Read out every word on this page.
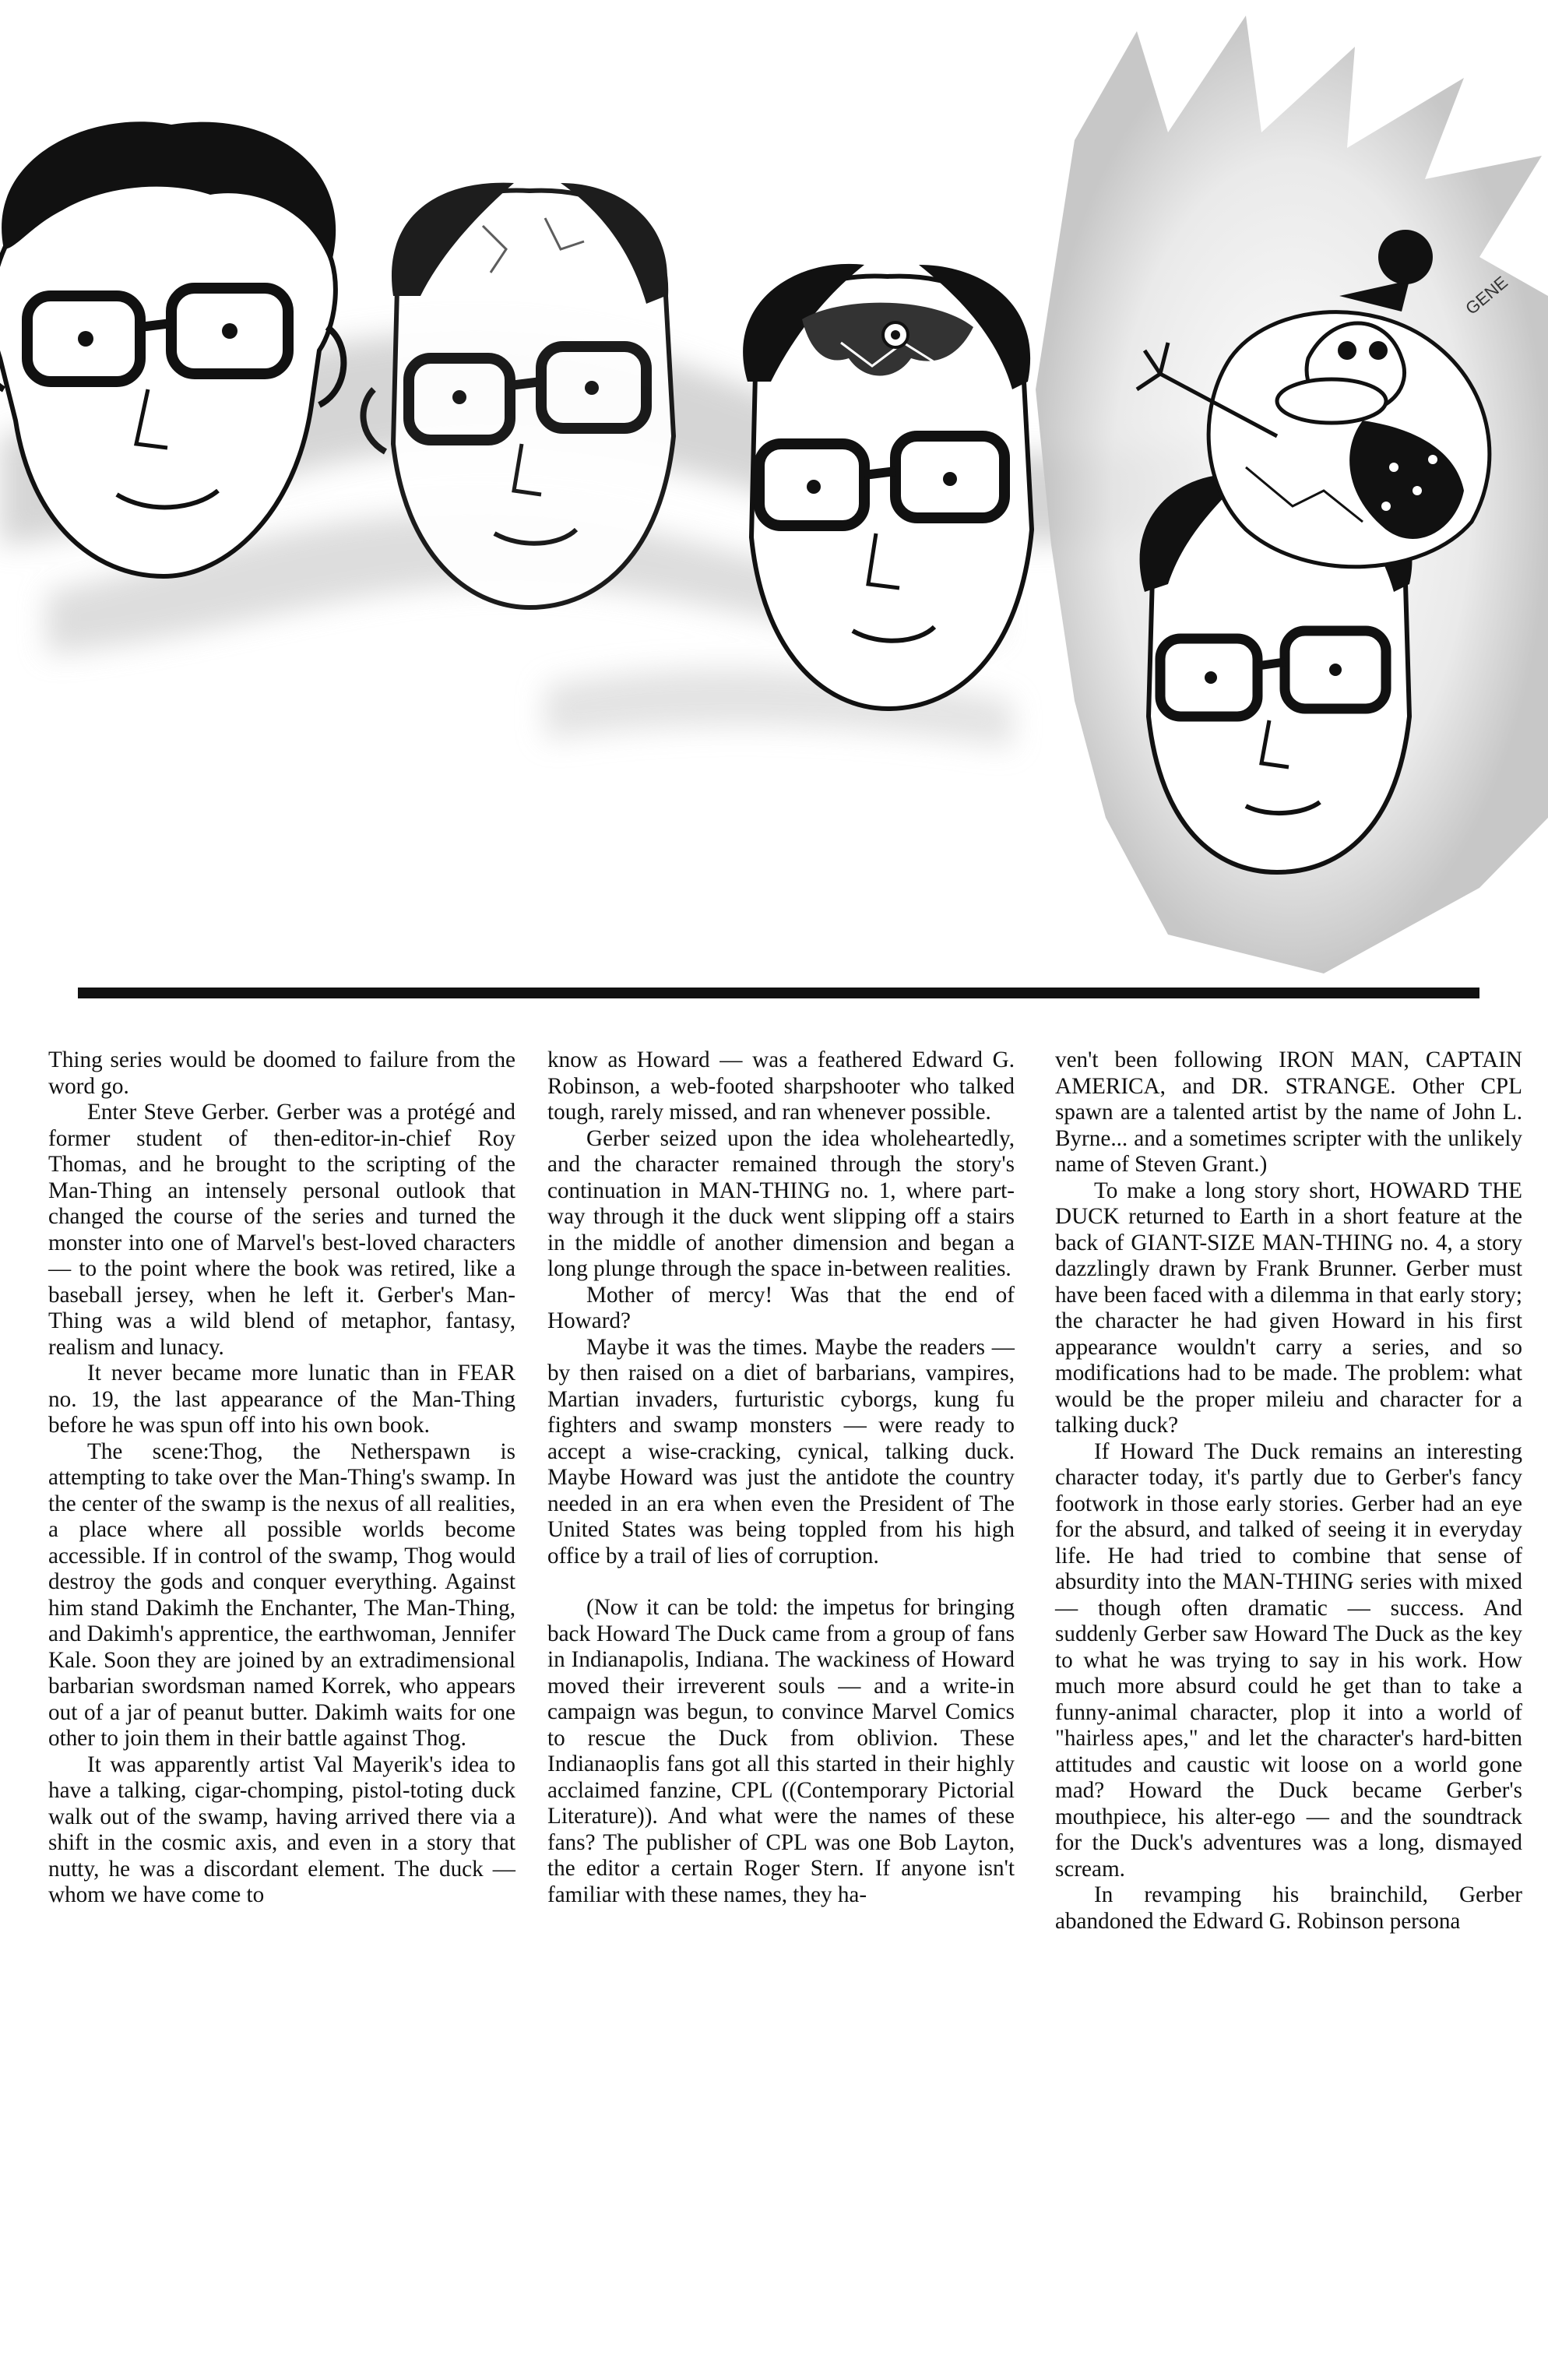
GENE

Thing series would be doomed to failure from the word go.

Enter Steve Gerber. Gerber was a protégé and former student of then-editor-in-chief Roy Thomas, and he brought to the scripting of the Man-Thing an intensely personal outlook that changed the course of the series and turned the monster into one of Marvel's best-loved characters — to the point where the book was retired, like a baseball jersey, when he left it. Gerber's Man-Thing was a wild blend of metaphor, fantasy, realism and lunacy.

It never became more lunatic than in FEAR no. 19, the last appearance of the Man-Thing before he was spun off into his own book.

The scene:Thog, the Netherspawn is attempting to take over the Man-Thing's swamp. In the center of the swamp is the nexus of all realities, a place where all possible worlds become accessible. If in control of the swamp, Thog would destroy the gods and conquer everything. Against him stand Dakimh the Enchanter, The Man-Thing, and Dakimh's apprentice, the earthwoman, Jennifer Kale. Soon they are joined by an extradimensional barbarian swordsman named Korrek, who appears out of a jar of peanut butter. Dakimh waits for one other to join them in their battle against Thog.

It was apparently artist Val Mayerik's idea to have a talking, cigar-chomping, pistol-toting duck walk out of the swamp, having arrived there via a shift in the cosmic axis, and even in a story that nutty, he was a discordant element. The duck — whom we have come to

know as Howard — was a feathered Edward G. Robinson, a web-footed sharpshooter who talked tough, rarely missed, and ran whenever possible.

Gerber seized upon the idea wholeheartedly, and the character remained through the story's continuation in MAN-THING no. 1, where part-way through it the duck went slipping off a stairs in the middle of another dimension and began a long plunge through the space in-between realities.

Mother of mercy! Was that the end of Howard?

Maybe it was the times. Maybe the readers — by then raised on a diet of barbarians, vampires, Martian invaders, furturistic cyborgs, kung fu fighters and swamp monsters — were ready to accept a wise-cracking, cynical, talking duck. Maybe Howard was just the antidote the country needed in an era when even the President of The United States was being toppled from his high office by a trail of lies of corruption.

(Now it can be told: the impetus for bringing back Howard The Duck came from a group of fans in Indianapolis, Indiana. The wackiness of Howard moved their irreverent souls — and a write-in campaign was begun, to convince Marvel Comics to rescue the Duck from oblivion. These Indianaoplis fans got all this started in their highly acclaimed fanzine, CPL ((Contemporary Pictorial Literature)). And what were the names of these fans? The publisher of CPL was one Bob Layton, the editor a certain Roger Stern. If anyone isn't familiar with these names, they ha-

ven't been following IRON MAN, CAPTAIN AMERICA, and DR. STRANGE. Other CPL spawn are a talented artist by the name of John L. Byrne... and a sometimes scripter with the unlikely name of Steven Grant.)

To make a long story short, HOWARD THE DUCK returned to Earth in a short feature at the back of GIANT-SIZE MAN-THING no. 4, a story dazzlingly drawn by Frank Brunner. Gerber must have been faced with a dilemma in that early story; the character he had given Howard in his first appearance wouldn't carry a series, and so modifications had to be made. The problem: what would be the proper mileiu and character for a talking duck?

If Howard The Duck remains an interesting character today, it's partly due to Gerber's fancy footwork in those early stories. Gerber had an eye for the absurd, and talked of seeing it in everyday life. He had tried to combine that sense of absurdity into the MAN-THING series with mixed — though often dramatic — success. And suddenly Gerber saw Howard The Duck as the key to what he was trying to say in his work. How much more absurd could he get than to take a funny-animal character, plop it into a world of "hairless apes," and let the character's hard-bitten attitudes and caustic wit loose on a world gone mad? Howard the Duck became Gerber's mouthpiece, his alter-ego — and the soundtrack for the Duck's adventures was a long, dismayed scream.

In revamping his brainchild, Gerber abandoned the Edward G. Robinson persona
